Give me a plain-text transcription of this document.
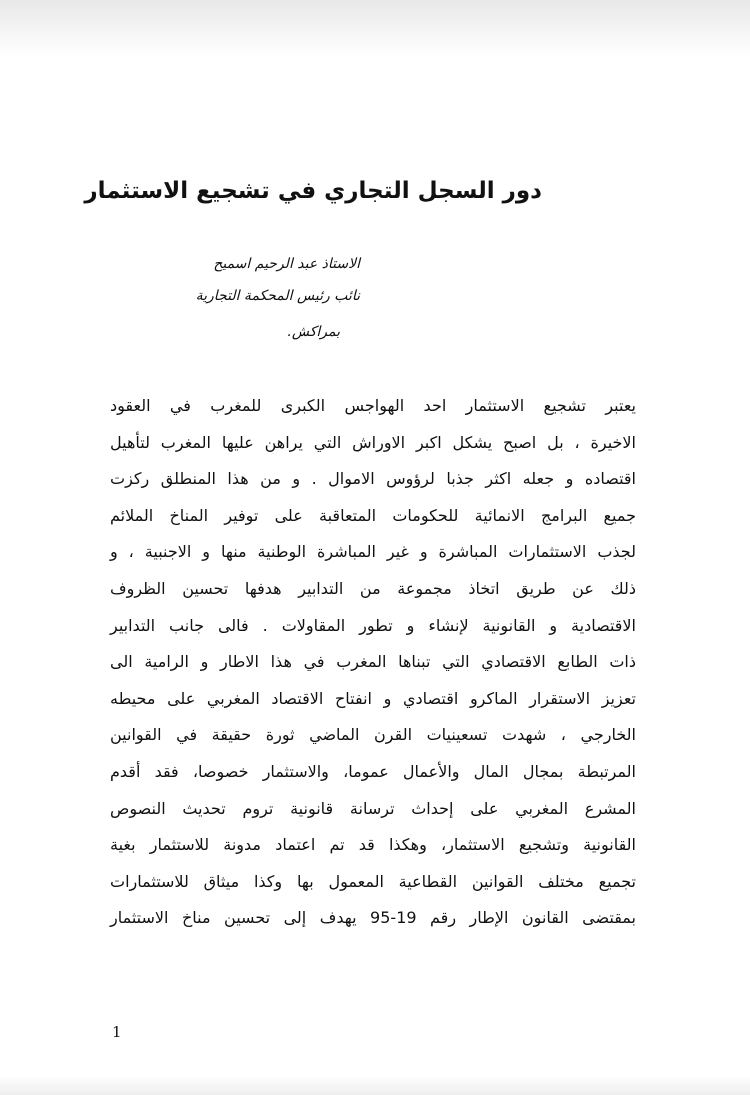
دور السجل التجاري في تشجيع الاستثمار
الاستاذ عبد الرحيم اسميح
نائب رئيس المحكمة التجارية
بمراكش.
يعتبر تشجيع الاستثمار احد الهواجس الكبرى للمغرب في العقود
الاخيرة ، بل اصبح يشكل اكبر الاوراش التي يراهن عليها المغرب لتأهيل
اقتصاده و جعله اكثر جذبا لرؤوس الاموال . و من هذا المنطلق ركزت
جميع البرامج الانمائية للحكومات المتعاقبة على توفير المناخ الملائم
لجذب الاستثمارات المباشرة و غير المباشرة الوطنية منها و الاجنبية ، و
ذلك عن طريق اتخاذ مجموعة من التدابير هدفها تحسين الظروف
الاقتصادية و القانونية لإنشاء و تطور المقاولات . فالى جانب التدابير
ذات الطابع الاقتصادي التي تبناها المغرب في هذا الاطار و الرامية الى
تعزيز الاستقرار الماكرو اقتصادي و انفتاح الاقتصاد المغربي على محيطه
الخارجي ، شهدت تسعينيات القرن الماضي ثورة حقيقة في القوانين
المرتبطة بمجال المال والأعمال عموما، والاستثمار خصوصا، فقد أقدم
المشرع المغربي على إحداث ترسانة قانونية تروم تحديث النصوص
القانونية وتشجيع الاستثمار، وهكذا قد تم اعتماد مدونة للاستثمار بغية
تجميع مختلف القوانين القطاعية المعمول بها وكذا ميثاق للاستثمارات
بمقتضى القانون الإطار رقم 19-95 يهدف إلى تحسين مناخ الاستثمار
1
